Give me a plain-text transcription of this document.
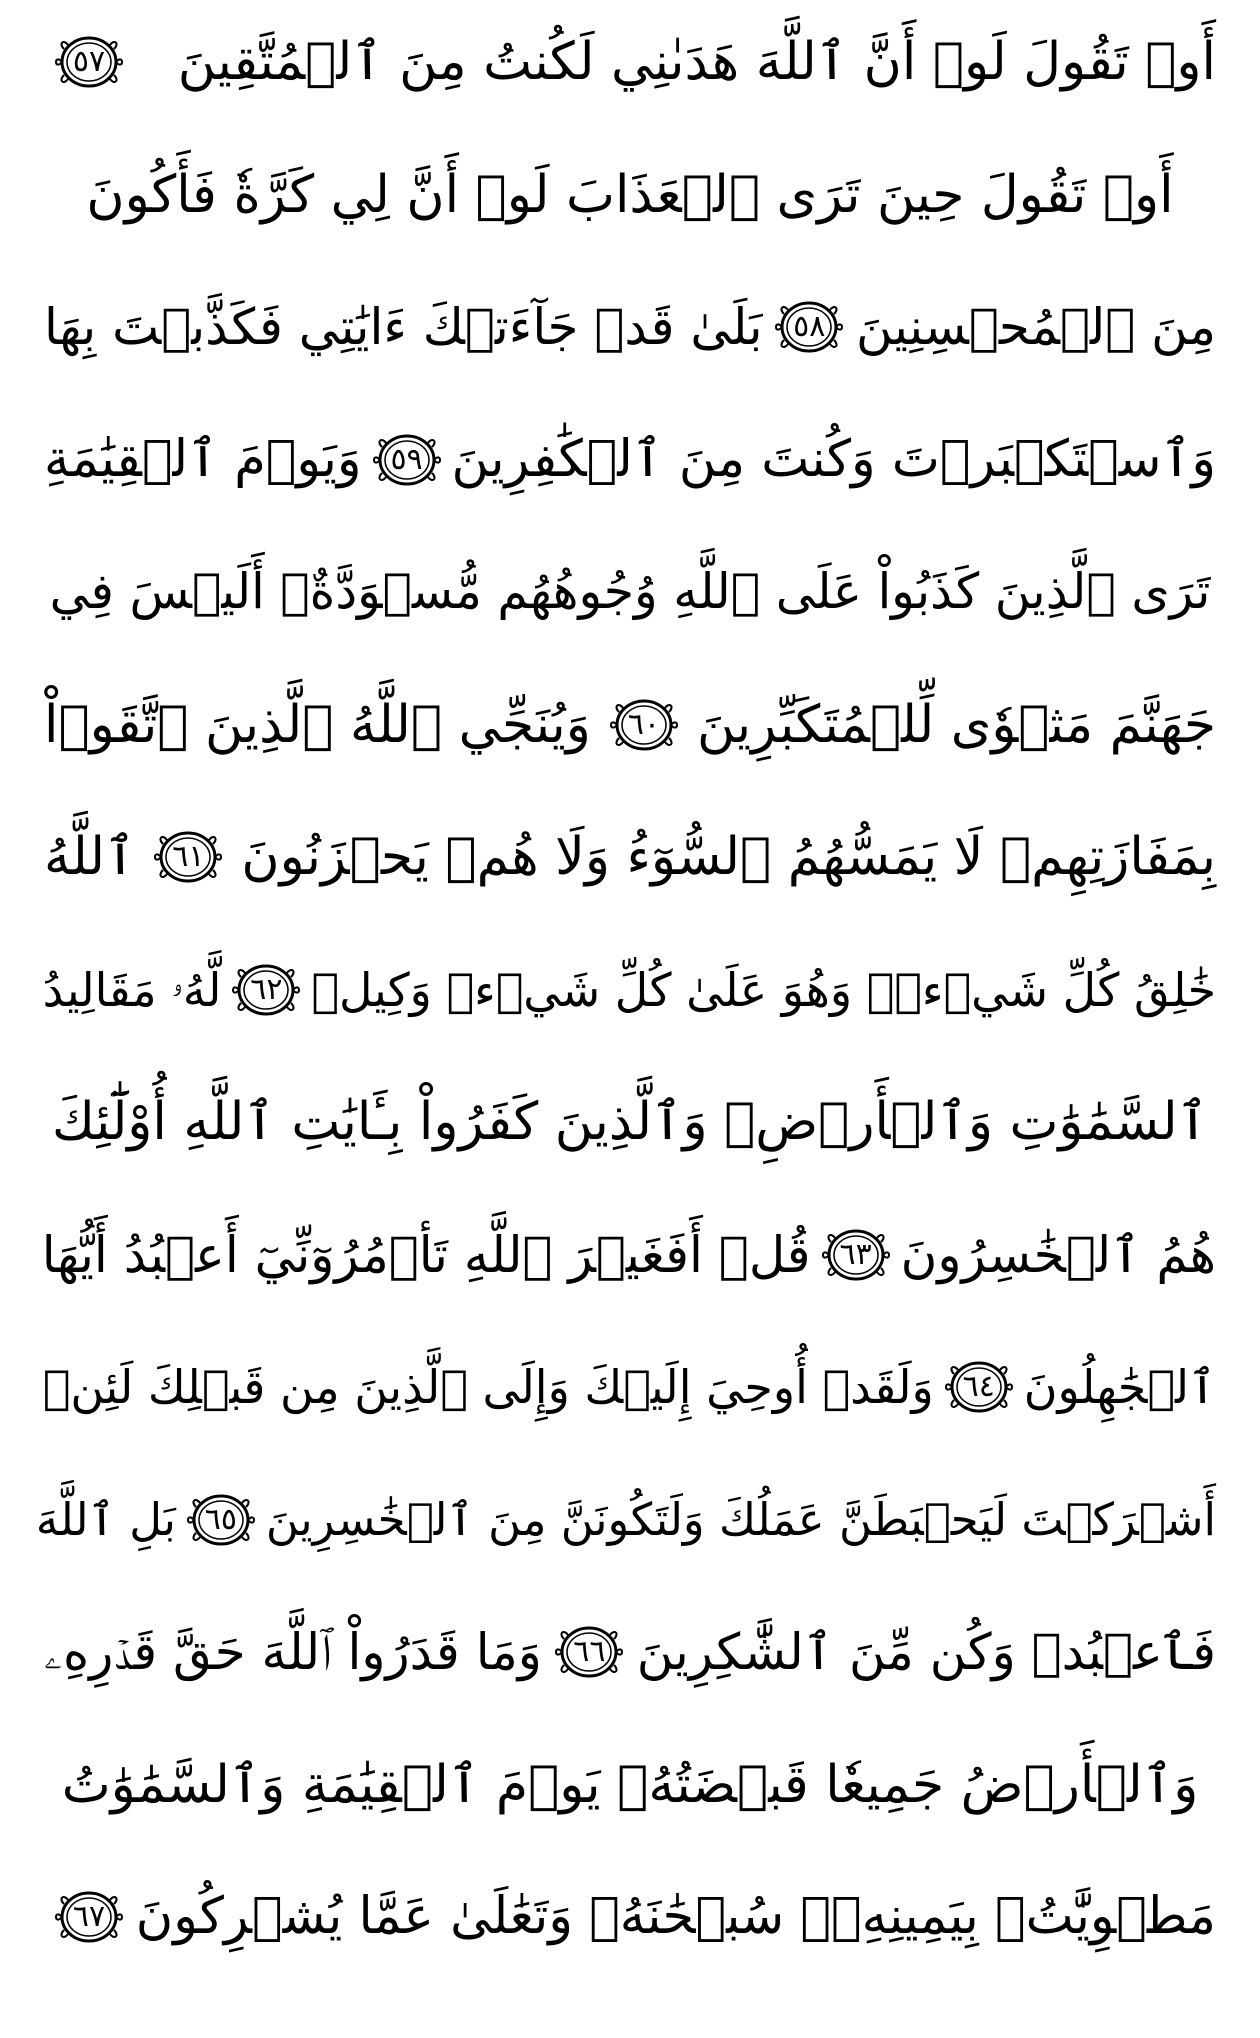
أَوۡ تَقُولَ لَوۡ أَنَّ ٱللَّهَ هَدَىٰنِي لَكُنتُ مِنَ ٱلۡمُتَّقِينَ
٥٧
أَوۡ تَقُولَ حِينَ تَرَى ٱلۡعَذَابَ لَوۡ أَنَّ لِي كَرَّةٗ فَأَكُونَ
مِنَ ٱلۡمُحۡسِنِينَ
٥٨
بَلَىٰ قَدۡ جَآءَتۡكَ ءَايَٰتِي فَكَذَّبۡتَ بِهَا
وَٱسۡتَكۡبَرۡتَ وَكُنتَ مِنَ ٱلۡكَٰفِرِينَ
٥٩
وَيَوۡمَ ٱلۡقِيَٰمَةِ
تَرَى ٱلَّذِينَ كَذَبُواْ عَلَى ٱللَّهِ وُجُوهُهُم مُّسۡوَدَّةٌۚ أَلَيۡسَ فِي
جَهَنَّمَ مَثۡوٗى لِّلۡمُتَكَبِّرِينَ
٦٠
وَيُنَجِّي ٱللَّهُ ٱلَّذِينَ ٱتَّقَوۡاْ
بِمَفَازَتِهِمۡ لَا يَمَسُّهُمُ ٱلسُّوٓءُ وَلَا هُمۡ يَحۡزَنُونَ
٦١
ٱللَّهُ
خَٰلِقُ كُلِّ شَيۡءٖۖ وَهُوَ عَلَىٰ كُلِّ شَيۡءٖ وَكِيلٞ
٦٢
لَّهُۥ مَقَالِيدُ
ٱلسَّمَٰوَٰتِ وَٱلۡأَرۡضِۗ وَٱلَّذِينَ كَفَرُواْ بِـَٔايَٰتِ ٱللَّهِ أُوْلَٰٓئِكَ
هُمُ ٱلۡخَٰسِرُونَ
٦٣
قُلۡ أَفَغَيۡرَ ٱللَّهِ تَأۡمُرُوٓنِّيٓ أَعۡبُدُ أَيُّهَا
ٱلۡجَٰهِلُونَ
٦٤
وَلَقَدۡ أُوحِيَ إِلَيۡكَ وَإِلَى ٱلَّذِينَ مِن قَبۡلِكَ لَئِنۡ
أَشۡرَكۡتَ لَيَحۡبَطَنَّ عَمَلُكَ وَلَتَكُونَنَّ مِنَ ٱلۡخَٰسِرِينَ
٦٥
بَلِ ٱللَّهَ
فَٱعۡبُدۡ وَكُن مِّنَ ٱلشَّٰكِرِينَ
٦٦
وَمَا قَدَرُواْ ٱللَّهَ حَقَّ قَدۡرِهِۦ
وَٱلۡأَرۡضُ جَمِيعٗا قَبۡضَتُهُۥ يَوۡمَ ٱلۡقِيَٰمَةِ وَٱلسَّمَٰوَٰتُ
مَطۡوِيَّٰتُۢ بِيَمِينِهِۦۚ سُبۡحَٰنَهُۥ وَتَعَٰلَىٰ عَمَّا يُشۡرِكُونَ
٦٧
